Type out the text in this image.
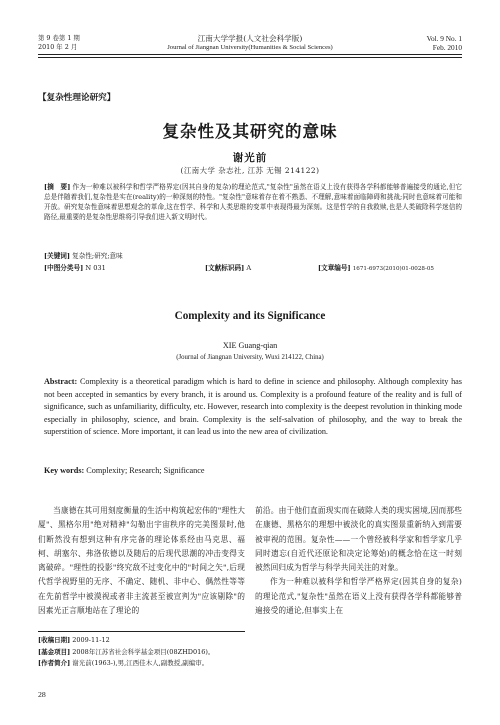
第 9 卷第 1 期
2010 年 2 月
江南大学学报(人文社会科学版)
Journal of Jiangnan University(Humanities & Social Sciences)
Vol. 9 No. 1
Feb. 2010
【复杂性理论研究】
复杂性及其研究的意味
谢光前
(江南大学 杂志社, 江苏 无锡 214122)
[摘　要] 作为一种难以被科学和哲学严格界定(因其自身的复杂)的理论范式,"复杂性"虽然在语义上没有获得各学科都能够普遍接受的通论,但它总是伴随着我们,复杂性是实在(reality)的一种深刻的特性。"复杂性"意味着存在着不熟悉、不理解,意味着面临障碍和挑战;同时也意味着可能和开放。研究复杂性意味着思想观念的革命,这在哲学、科学和人类思维的变革中表现得最为深刻。这是哲学的自我救赎,也是人类破除科学迷信的路径,最重要的是复杂性思维将引导我们进入新文明时代。
[关键词] 复杂性;研究;意味
[中图分类号] N 031	[文献标识码] A	[文章编号] 1671-6973(2010)01-0028-05
Complexity and its Significance
XIE Guang-qian
(Journal of Jiangnan University, Wuxi 214122, China)
Abstract: Complexity is a theoretical paradigm which is hard to define in science and philosophy. Although complexity has not been accepted in semantics by every branch, it is around us. Complexity is a profound feature of the reality and is full of significance, such as unfamiliarity, difficulty, etc. However, research into complexity is the deepest revolution in thinking mode especially in philosophy, science, and brain. Complexity is the self-salvation of philosophy, and the way to break the superstition of science. More important, it can lead us into the new area of civilization.
Key words: Complexity; Research; Significance
当康德在其可用刻度衡量的生活中构筑起宏伟的"理性大厦"、黑格尔用"绝对精神"勾勒出宇宙秩序的完美图景时,他们断然没有想到这种有序完备的理论体系经由马克思、福柯、胡塞尔、弗洛依德以及随后的后现代思潮的冲击变得支离破碎。"理性的投影"终究敌不过变化中的"时间之矢",后现代哲学视野里的无序、不确定、随机、非中心、偶然性等等在先前哲学中被漠视或者非主流甚至被宣判为"应该剔除"的因素光正言顺地站在了理论的

前沿。由于他们直面现实而在破除人类的现实困境,因而那些在康德、黑格尔的理想中被淡化的真实图景重新纳入到需要被审视的范围。复杂性——一个曾经被科学家和哲学家几乎同时遗忘(自近代还原论和决定论筹始)的概念恰在这一时刻被然回归成为哲学与科学共同关注的对象。

作为一种难以被科学和哲学严格界定(因其自身的复杂)的理论范式,"复杂性"虽然在语义上没有获得各学科都能够普遍接受的通论,但事实上在

[收稿日期] 2009-11-12
[基金项目] 2008年江苏省社会科学基金项目(08ZHD016)。
[作者简介] 谢光前(1963-),男,江西佳木人,副教授,副编审。
28
